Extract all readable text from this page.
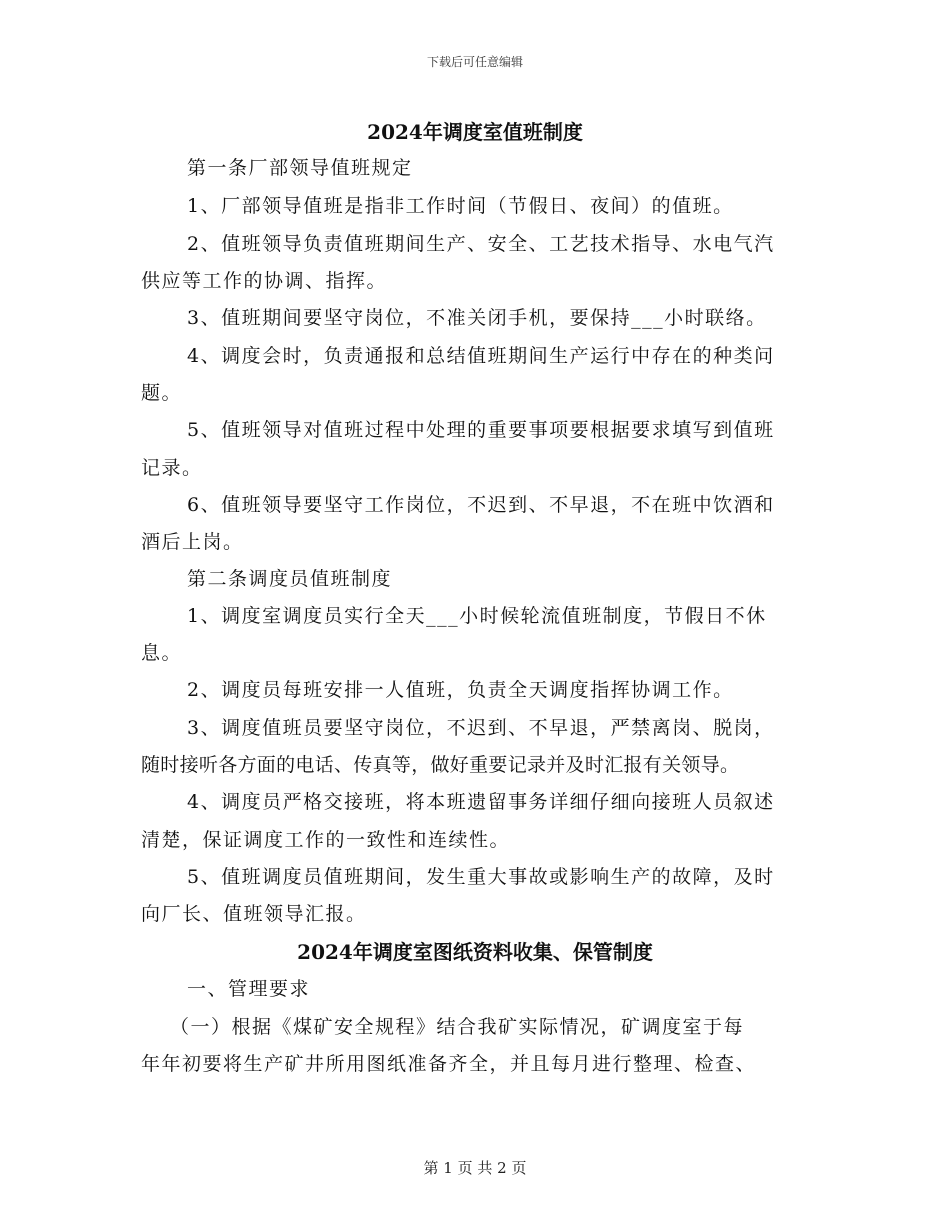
下载后可任意编辑
2024年调度室值班制度
第一条厂部领导值班规定
1、厂部领导值班是指非工作时间（节假日、夜间）的值班。
2、值班领导负责值班期间生产、安全、工艺技术指导、水电气汽
供应等工作的协调、指挥。
3、值班期间要坚守岗位，不准关闭手机，要保持___小时联络。
4、调度会时，负责通报和总结值班期间生产运行中存在的种类问
题。
5、值班领导对值班过程中处理的重要事项要根据要求填写到值班
记录。
6、值班领导要坚守工作岗位，不迟到、不早退，不在班中饮酒和
酒后上岗。
第二条调度员值班制度
1、调度室调度员实行全天___小时候轮流值班制度，节假日不休
息。
2、调度员每班安排一人值班，负责全天调度指挥协调工作。
3、调度值班员要坚守岗位，不迟到、不早退，严禁离岗、脱岗，
随时接听各方面的电话、传真等，做好重要记录并及时汇报有关领导。
4、调度员严格交接班，将本班遗留事务详细仔细向接班人员叙述
清楚，保证调度工作的一致性和连续性。
5、值班调度员值班期间，发生重大事故或影响生产的故障，及时
向厂长、值班领导汇报。
2024年调度室图纸资料收集、保管制度
一、管理要求
（一）根据《煤矿安全规程》结合我矿实际情况，矿调度室于每
年年初要将生产矿井所用图纸准备齐全，并且每月进行整理、检查、
第 1 页 共 2 页
